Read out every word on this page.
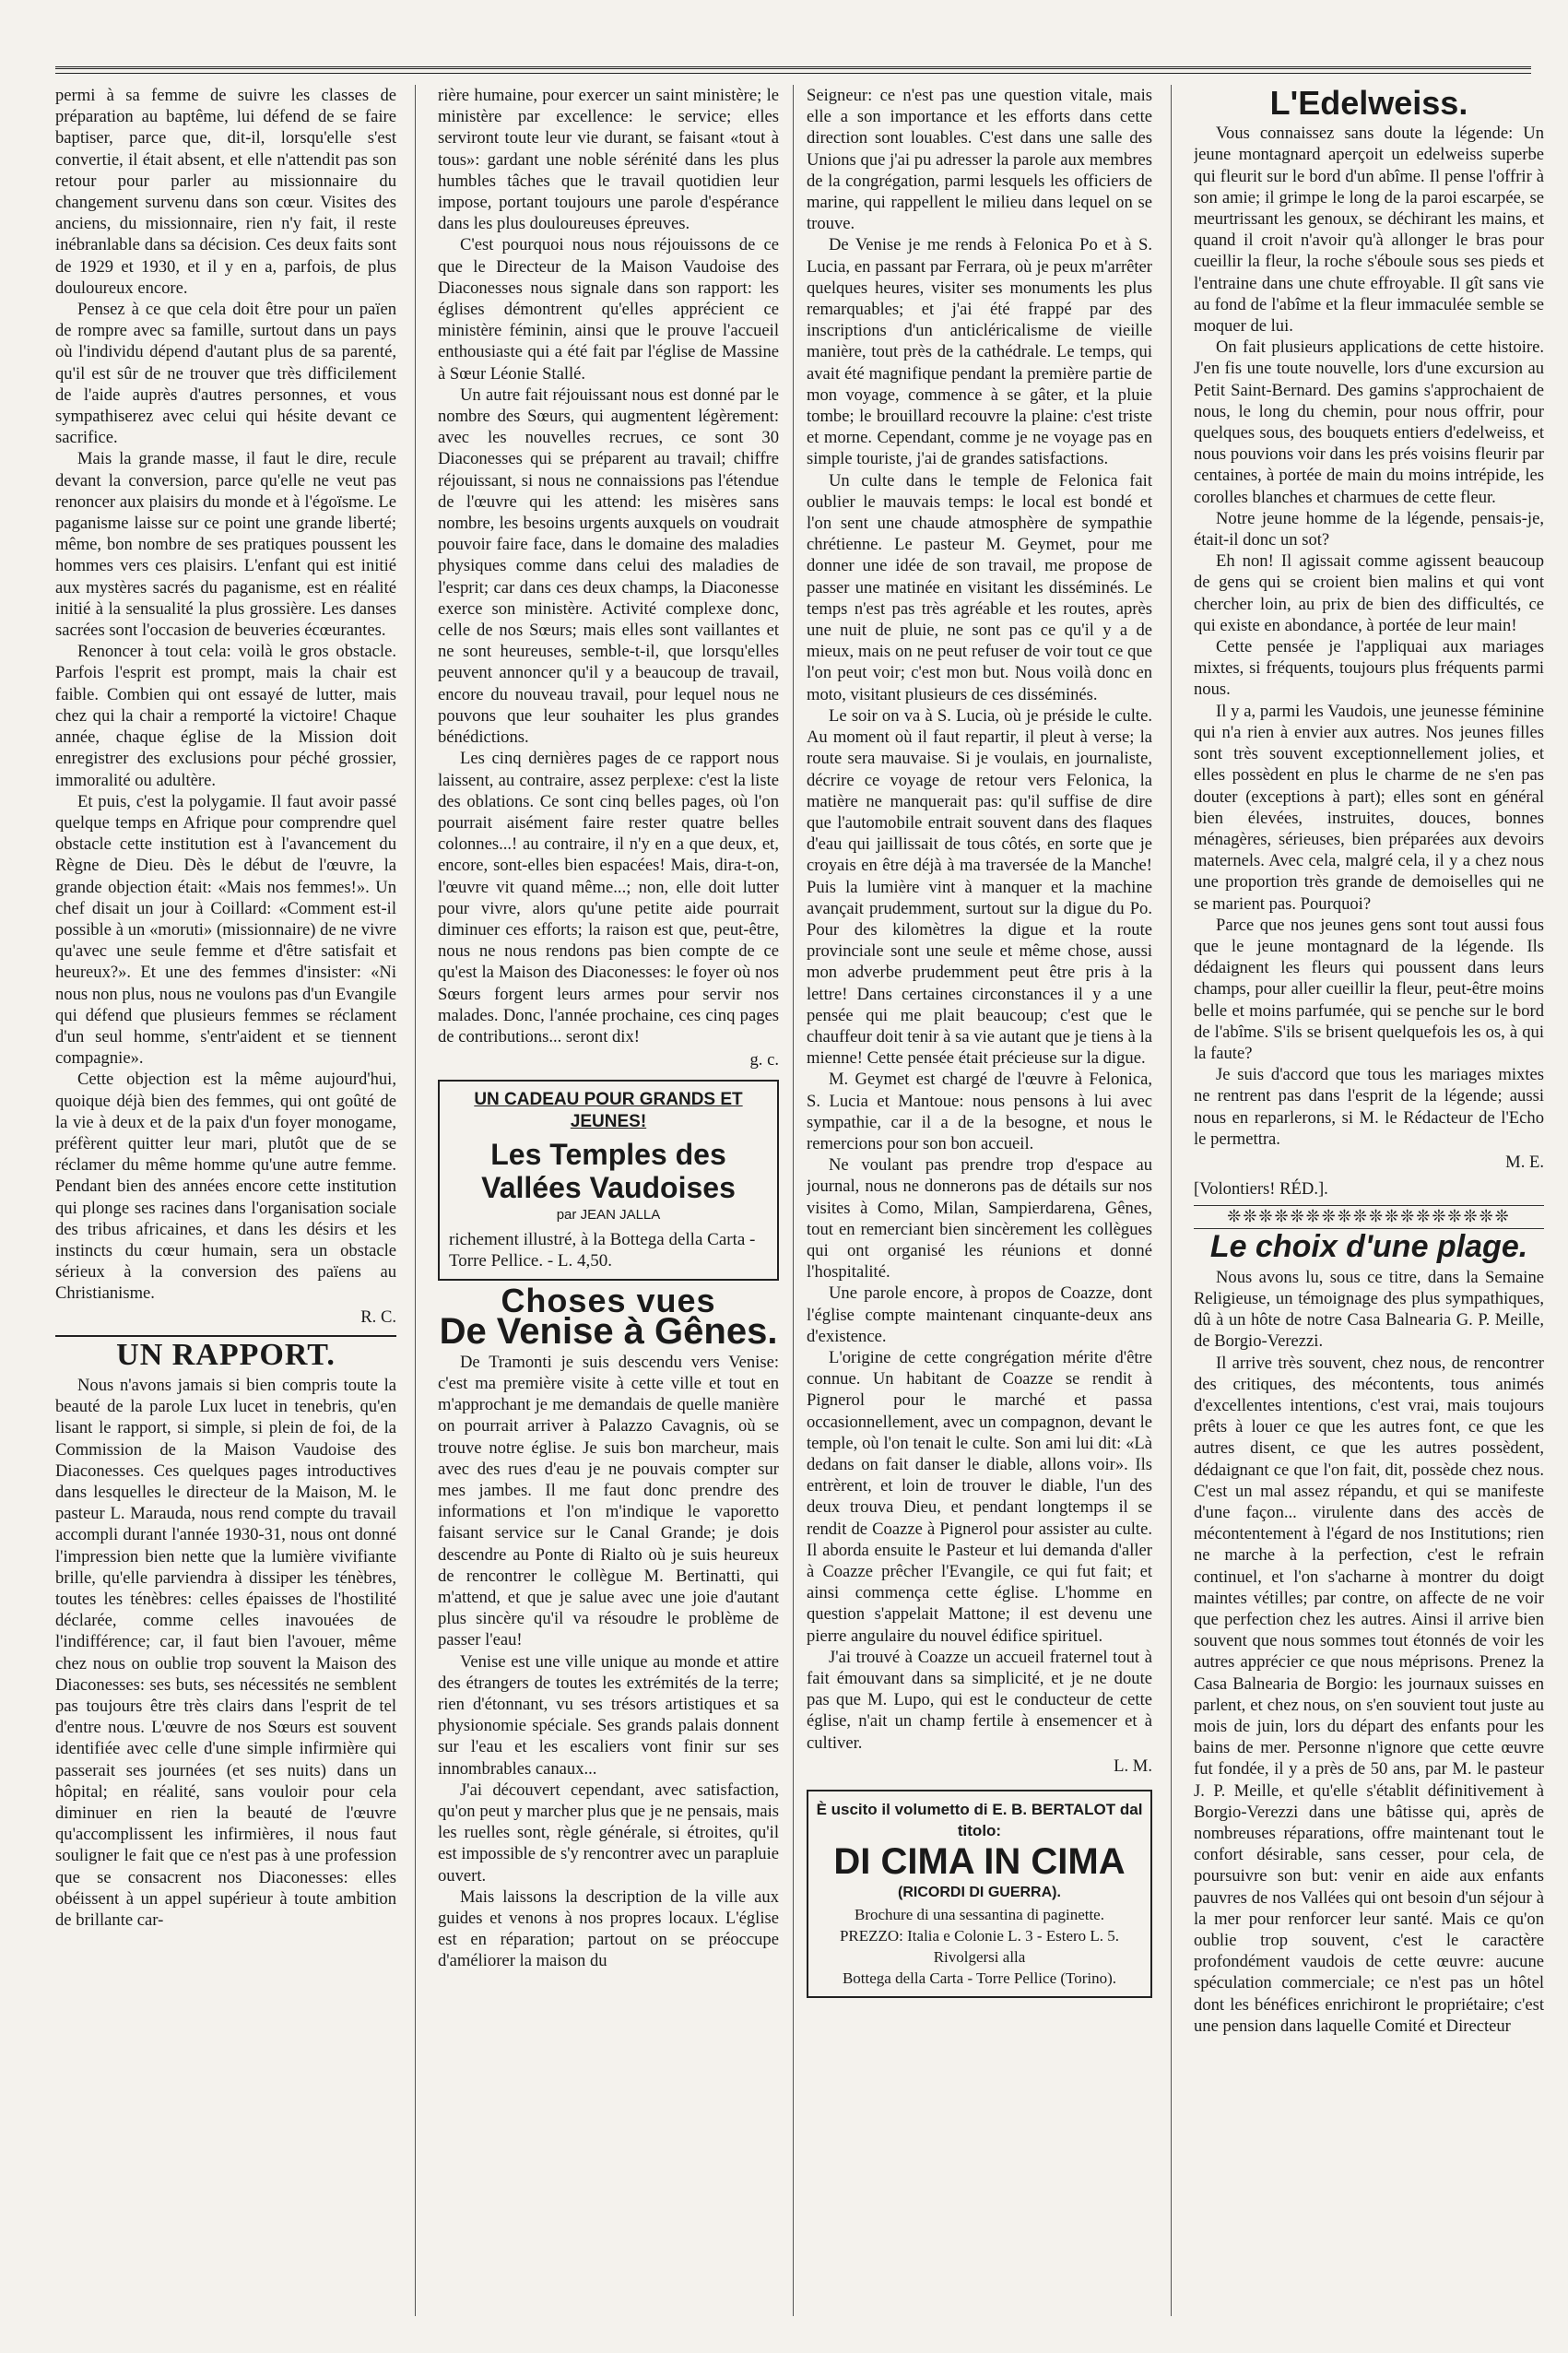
permi à sa femme de suivre les classes de préparation au baptême, lui défend de se faire baptiser, parce que, dit-il, lorsqu'elle s'est convertie, il était absent, et elle n'attendit pas son retour pour parler au missionnaire du changement survenu dans son cœur. Visites des anciens, du missionnaire, rien n'y fait, il reste inébranlable dans sa décision. Ces deux faits sont de 1929 et 1930, et il y en a, parfois, de plus douloureux encore.

Pensez à ce que cela doit être pour un païen de rompre avec sa famille, surtout dans un pays où l'individu dépend d'autant plus de sa parenté, qu'il est sûr de ne trouver que très difficilement de l'aide auprès d'autres personnes, et vous sympathiserez avec celui qui hésite devant ce sacrifice.

Mais la grande masse, il faut le dire, recule devant la conversion, parce qu'elle ne veut pas renoncer aux plaisirs du monde et à l'égoïsme. Le paganisme laisse sur ce point une grande liberté; même, bon nombre de ses pratiques poussent les hommes vers ces plaisirs. L'enfant qui est initié aux mystères sacrés du paganisme, est en réalité initié à la sensualité la plus grossière. Les danses sacrées sont l'occasion de beuveries écœurantes.

Renoncer à tout cela: voilà le gros obstacle. Parfois l'esprit est prompt, mais la chair est faible. Combien qui ont essayé de lutter, mais chez qui la chair a remporté la victoire! Chaque année, chaque église de la Mission doit enregistrer des exclusions pour péché grossier, immoralité ou adultère.

Et puis, c'est la polygamie. Il faut avoir passé quelque temps en Afrique pour comprendre quel obstacle cette institution est à l'avancement du Règne de Dieu. Dès le début de l'œuvre, la grande objection était: «Mais nos femmes!». Un chef disait un jour à Coillard: «Comment est-il possible à un «moruti» (missionnaire) de ne vivre qu'avec une seule femme et d'être satisfait et heureux?». Et une des femmes d'insister: «Ni nous non plus, nous ne voulons pas d'un Evangile qui défend que plusieurs femmes se réclament d'un seul homme, s'entr'aident et se tiennent compagnie».

Cette objection est la même aujourd'hui, quoique déjà bien des femmes, qui ont goûté de la vie à deux et de la paix d'un foyer monogame, préfèrent quitter leur mari, plutôt que de se réclamer du même homme qu'une autre femme. Pendant bien des années encore cette institution qui plonge ses racines dans l'organisation sociale des tribus africaines, et dans les désirs et les instincts du cœur humain, sera un obstacle sérieux à la conversion des païens au Christianisme.

R. C.

UN RAPPORT.

Nous n'avons jamais si bien compris toute la beauté de la parole Lux lucet in tenebris, qu'en lisant le rapport, si simple, si plein de foi, de la Commission de la Maison Vaudoise des Diaconesses. Ces quelques pages introductives dans lesquelles le directeur de la Maison, M. le pasteur L. Marauda, nous rend compte du travail accompli durant l'année 1930-31, nous ont donné l'impression bien nette que la lumière vivifiante brille, qu'elle parviendra à dissiper les ténèbres, toutes les ténèbres: celles épaisses de l'hostilité déclarée, comme celles inavouées de l'indifférence; car, il faut bien l'avouer, même chez nous on oublie trop souvent la Maison des Diaconesses: ses buts, ses nécessités ne semblent pas toujours être très clairs dans l'esprit de tel d'entre nous. L'œuvre de nos Sœurs est souvent identifiée avec celle d'une simple infirmière qui passerait ses journées (et ses nuits) dans un hôpital; en réalité, sans vouloir pour cela diminuer en rien la beauté de l'œuvre qu'accomplissent les infirmières, il nous faut souligner le fait que ce n'est pas à une profession que se consacrent nos Diaconesses: elles obéissent à un appel supérieur à toute ambition de brillante car-

rière humaine, pour exercer un saint ministère; le ministère par excellence: le service; elles serviront toute leur vie durant, se faisant «tout à tous»: gardant une noble sérénité dans les plus humbles tâches que le travail quotidien leur impose, portant toujours une parole d'espérance dans les plus douloureuses épreuves.

C'est pourquoi nous nous réjouissons de ce que le Directeur de la Maison Vaudoise des Diaconesses nous signale dans son rapport: les églises démontrent qu'elles apprécient ce ministère féminin, ainsi que le prouve l'accueil enthousiaste qui a été fait par l'église de Massine à Sœur Léonie Stallé.

Un autre fait réjouissant nous est donné par le nombre des Sœurs, qui augmentent légèrement: avec les nouvelles recrues, ce sont 30 Diaconesses qui se préparent au travail; chiffre réjouissant, si nous ne connaissions pas l'étendue de l'œuvre qui les attend: les misères sans nombre, les besoins urgents auxquels on voudrait pouvoir faire face, dans le domaine des maladies physiques comme dans celui des maladies de l'esprit; car dans ces deux champs, la Diaconesse exerce son ministère. Activité complexe donc, celle de nos Sœurs; mais elles sont vaillantes et ne sont heureuses, semble-t-il, que lorsqu'elles peuvent annoncer qu'il y a beaucoup de travail, encore du nouveau travail, pour lequel nous ne pouvons que leur souhaiter les plus grandes bénédictions.

Les cinq dernières pages de ce rapport nous laissent, au contraire, assez perplexe: c'est la liste des oblations. Ce sont cinq belles pages, où l'on pourrait aisément faire rester quatre belles colonnes...! au contraire, il n'y en a que deux, et, encore, sont-elles bien espacées! Mais, dira-t-on, l'œuvre vit quand même...; non, elle doit lutter pour vivre, alors qu'une petite aide pourrait diminuer ces efforts; la raison est que, peut-être, nous ne nous rendons pas bien compte de ce qu'est la Maison des Diaconesses: le foyer où nos Sœurs forgent leurs armes pour servir nos malades. Donc, l'année prochaine, ces cinq pages de contributions... seront dix!

g. c.

UN CADEAU POUR GRANDS ET JEUNES!
Les Temples des Vallées Vaudoises
par JEAN JALLA
richement illustré, à la Bottega della Carta - Torre Pellice. - L. 4,50.
Choses vues
De Venise à Gênes.

De Tramonti je suis descendu vers Venise: c'est ma première visite à cette ville et tout en m'approchant je me demandais de quelle manière on pourrait arriver à Palazzo Cavagnis, où se trouve notre église. Je suis bon marcheur, mais avec des rues d'eau je ne pouvais compter sur mes jambes. Il me faut donc prendre des informations et l'on m'indique le vaporetto faisant service sur le Canal Grande; je dois descendre au Ponte di Rialto où je suis heureux de rencontrer le collègue M. Bertinatti, qui m'attend, et que je salue avec une joie d'autant plus sincère qu'il va résoudre le problème de passer l'eau!

Venise est une ville unique au monde et attire des étrangers de toutes les extrémités de la terre; rien d'étonnant, vu ses trésors artistiques et sa physionomie spéciale. Ses grands palais donnent sur l'eau et les escaliers vont finir sur ses innombrables canaux...

J'ai découvert cependant, avec satisfaction, qu'on peut y marcher plus que je ne pensais, mais les ruelles sont, règle générale, si étroites, qu'il est impossible de s'y rencontrer avec un parapluie ouvert.

Mais laissons la description de la ville aux guides et venons à nos propres locaux. L'église est en réparation; partout on se préoccupe d'améliorer la maison du

Seigneur: ce n'est pas une question vitale, mais elle a son importance et les efforts dans cette direction sont louables. C'est dans une salle des Unions que j'ai pu adresser la parole aux membres de la congrégation, parmi lesquels les officiers de marine, qui rappellent le milieu dans lequel on se trouve.

De Venise je me rends à Felonica Po et à S. Lucia, en passant par Ferrara, où je peux m'arrêter quelques heures, visiter ses monuments les plus remarquables; et j'ai été frappé par des inscriptions d'un anticléricalisme de vieille manière, tout près de la cathédrale. Le temps, qui avait été magnifique pendant la première partie de mon voyage, commence à se gâter, et la pluie tombe; le brouillard recouvre la plaine: c'est triste et morne. Cependant, comme je ne voyage pas en simple touriste, j'ai de grandes satisfactions.

Un culte dans le temple de Felonica fait oublier le mauvais temps: le local est bondé et l'on sent une chaude atmosphère de sympathie chrétienne. Le pasteur M. Geymet, pour me donner une idée de son travail, me propose de passer une matinée en visitant les disséminés. Le temps n'est pas très agréable et les routes, après une nuit de pluie, ne sont pas ce qu'il y a de mieux, mais on ne peut refuser de voir tout ce que l'on peut voir; c'est mon but. Nous voilà donc en moto, visitant plusieurs de ces disséminés.

Le soir on va à S. Lucia, où je préside le culte. Au moment où il faut repartir, il pleut à verse; la route sera mauvaise. Si je voulais, en journaliste, décrire ce voyage de retour vers Felonica, la matière ne manquerait pas: qu'il suffise de dire que l'automobile entrait souvent dans des flaques d'eau qui jaillissait de tous côtés, en sorte que je croyais en être déjà à ma traversée de la Manche! Puis la lumière vint à manquer et la machine avançait prudemment, surtout sur la digue du Po. Pour des kilomètres la digue et la route provinciale sont une seule et même chose, aussi mon adverbe prudemment peut être pris à la lettre! Dans certaines circonstances il y a une pensée qui me plait beaucoup; c'est que le chauffeur doit tenir à sa vie autant que je tiens à la mienne! Cette pensée était précieuse sur la digue.

M. Geymet est chargé de l'œuvre à Felonica, S. Lucia et Mantoue: nous pensons à lui avec sympathie, car il a de la besogne, et nous le remercions pour son bon accueil.

Ne voulant pas prendre trop d'espace au journal, nous ne donnerons pas de détails sur nos visites à Como, Milan, Sampierdarena, Gênes, tout en remerciant bien sincèrement les collègues qui ont organisé les réunions et donné l'hospitalité.

Une parole encore, à propos de Coazze, dont l'église compte maintenant cinquante-deux ans d'existence.

L'origine de cette congrégation mérite d'être connue. Un habitant de Coazze se rendit à Pignerol pour le marché et passa occasionnellement, avec un compagnon, devant le temple, où l'on tenait le culte. Son ami lui dit: «Là dedans on fait danser le diable, allons voir». Ils entrèrent, et loin de trouver le diable, l'un des deux trouva Dieu, et pendant longtemps il se rendit de Coazze à Pignerol pour assister au culte. Il aborda ensuite le Pasteur et lui demanda d'aller à Coazze prêcher l'Evangile, ce qui fut fait; et ainsi commença cette église. L'homme en question s'appelait Mattone; il est devenu une pierre angulaire du nouvel édifice spirituel.

J'ai trouvé à Coazze un accueil fraternel tout à fait émouvant dans sa simplicité, et je ne doute pas que M. Lupo, qui est le conducteur de cette église, n'ait un champ fertile à ensemencer et à cultiver.

L. M.

È uscito il volumetto di E. B. BERTALOT dal titolo:
DI CIMA IN CIMA
(RICORDI DI GUERRA).
Brochure di una sessantina di paginette.
PREZZO: Italia e Colonie L. 3 - Estero L. 5.
Rivolgersi alla
Bottega della Carta - Torre Pellice (Torino).
L'Edelweiss.

Vous connaissez sans doute la légende: Un jeune montagnard aperçoit un edelweiss superbe qui fleurit sur le bord d'un abîme. Il pense l'offrir à son amie; il grimpe le long de la paroi escarpée, se meurtrissant les genoux, se déchirant les mains, et quand il croit n'avoir qu'à allonger le bras pour cueillir la fleur, la roche s'éboule sous ses pieds et l'entraine dans une chute effroyable. Il gît sans vie au fond de l'abîme et la fleur immaculée semble se moquer de lui.

On fait plusieurs applications de cette histoire. J'en fis une toute nouvelle, lors d'une excursion au Petit Saint-Bernard. Des gamins s'approchaient de nous, le long du chemin, pour nous offrir, pour quelques sous, des bouquets entiers d'edelweiss, et nous pouvions voir dans les prés voisins fleurir par centaines, à portée de main du moins intrépide, les corolles blanches et charmues de cette fleur.

Notre jeune homme de la légende, pensais-je, était-il donc un sot?

Eh non! Il agissait comme agissent beaucoup de gens qui se croient bien malins et qui vont chercher loin, au prix de bien des difficultés, ce qui existe en abondance, à portée de leur main!

Cette pensée je l'appliquai aux mariages mixtes, si fréquents, toujours plus fréquents parmi nous.

Il y a, parmi les Vaudois, une jeunesse féminine qui n'a rien à envier aux autres. Nos jeunes filles sont très souvent exceptionnellement jolies, et elles possèdent en plus le charme de ne s'en pas douter (exceptions à part); elles sont en général bien élevées, instruites, douces, bonnes ménagères, sérieuses, bien préparées aux devoirs maternels. Avec cela, malgré cela, il y a chez nous une proportion très grande de demoiselles qui ne se marient pas. Pourquoi?

Parce que nos jeunes gens sont tout aussi fous que le jeune montagnard de la légende. Ils dédaignent les fleurs qui poussent dans leurs champs, pour aller cueillir la fleur, peut-être moins belle et moins parfumée, qui se penche sur le bord de l'abîme. S'ils se brisent quelquefois les os, à qui la faute?

Je suis d'accord que tous les mariages mixtes ne rentrent pas dans l'esprit de la légende; aussi nous en reparlerons, si M. le Rédacteur de l'Echo le permettra.

M. E.

[Volontiers! RÉD.].

❊❊❊❊❊❊❊❊❊❊❊❊❊❊❊❊❊❊
Le choix d'une plage.

Nous avons lu, sous ce titre, dans la Semaine Religieuse, un témoignage des plus sympathiques, dû à un hôte de notre Casa Balnearia G. P. Meille, de Borgio-Verezzi.

Il arrive très souvent, chez nous, de rencontrer des critiques, des mécontents, tous animés d'excellentes intentions, c'est vrai, mais toujours prêts à louer ce que les autres font, ce que les autres disent, ce que les autres possèdent, dédaignant ce que l'on fait, dit, possède chez nous. C'est un mal assez répandu, et qui se manifeste d'une façon... virulente dans des accès de mécontentement à l'égard de nos Institutions; rien ne marche à la perfection, c'est le refrain continuel, et l'on s'acharne à montrer du doigt maintes vétilles; par contre, on affecte de ne voir que perfection chez les autres. Ainsi il arrive bien souvent que nous sommes tout étonnés de voir les autres apprécier ce que nous méprisons. Prenez la Casa Balnearia de Borgio: les journaux suisses en parlent, et chez nous, on s'en souvient tout juste au mois de juin, lors du départ des enfants pour les bains de mer. Personne n'ignore que cette œuvre fut fondée, il y a près de 50 ans, par M. le pasteur J. P. Meille, et qu'elle s'établit définitivement à Borgio-Verezzi dans une bâtisse qui, après de nombreuses réparations, offre maintenant tout le confort désirable, sans cesser, pour cela, de poursuivre son but: venir en aide aux enfants pauvres de nos Vallées qui ont besoin d'un séjour à la mer pour renforcer leur santé. Mais ce qu'on oublie trop souvent, c'est le caractère profondément vaudois de cette œuvre: aucune spéculation commerciale; ce n'est pas un hôtel dont les bénéfices enrichiront le propriétaire; c'est une pension dans laquelle Comité et Directeur
